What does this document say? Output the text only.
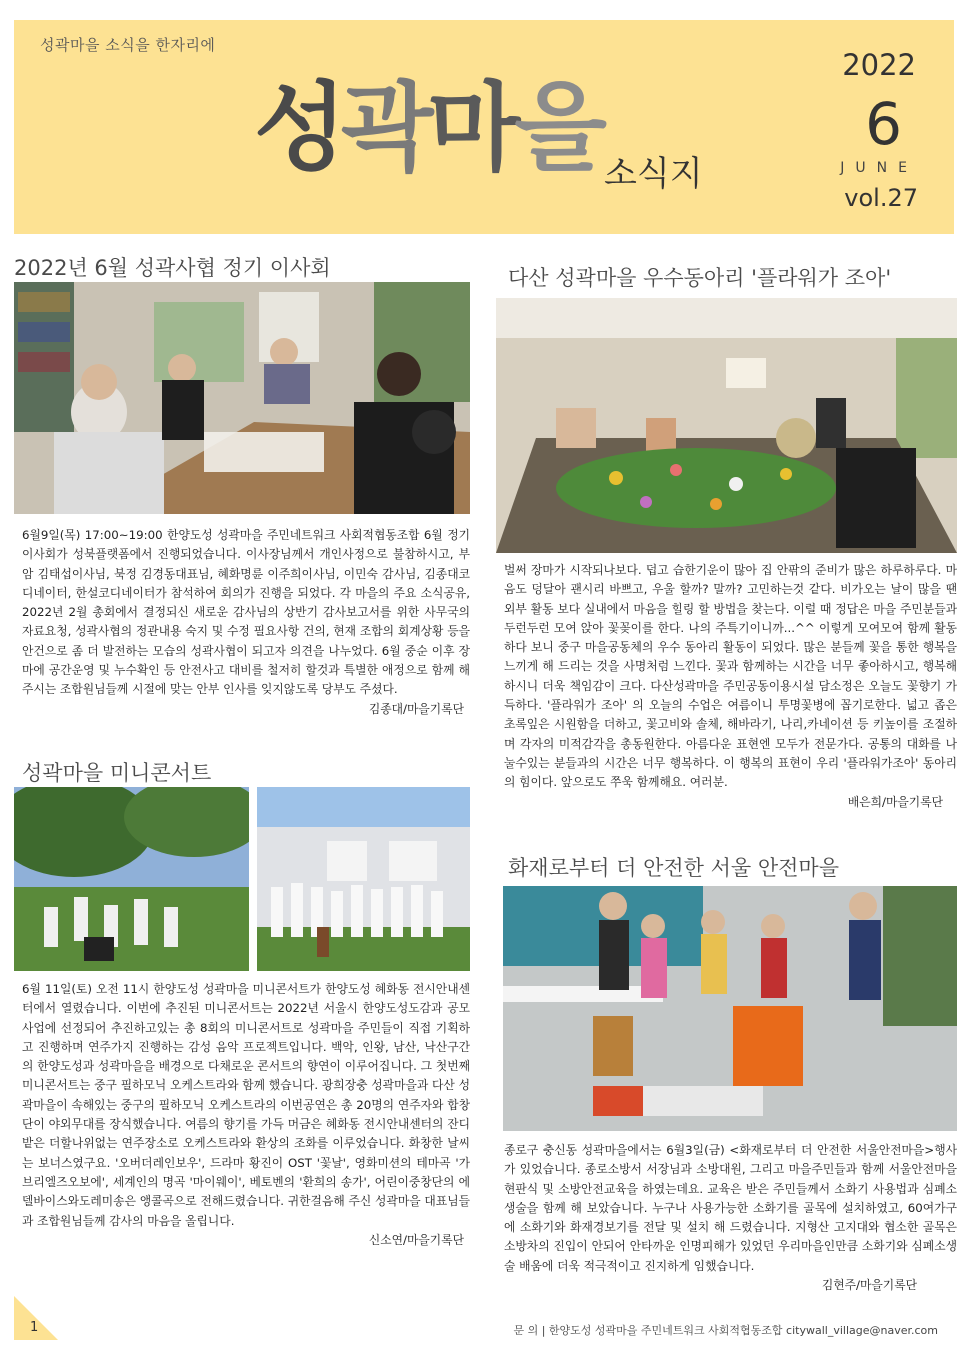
성곽마을 소식을 한자리에
성곽마을 소식지
2022
6
JUNE
vol.27
2022년 6월 성곽사협 정기 이사회

6월9일(목) 17:00~19:00 한양도성 성곽마을 주민네트워크 사회적협동조합 6월 정기 이사회가 성북플랫폼에서 진행되었습니다. 이사장님께서 개인사정으로 불참하시고, 부암 김태섭이사님, 북정 김경동대표님, 혜화명륜 이주희이사님, 이민숙 감사님, 김종대코디네이터, 한설코디네이터가 참석하여 회의가 진행을 되었다. 각 마을의 주요 소식공유, 2022년 2월 총회에서 결정되신 새로운 감사님의 상반기 감사보고서를 위한 사무국의 자료요청, 성곽사협의 정관내용 숙지 및 수정 필요사항 건의, 현재 조합의 회계상황 등을 안건으로 좀 더 발전하는 모습의 성곽사협이 되고자 의견을 나누었다. 6월 중순 이후 장마에 공간운영 및 누수확인 등 안전사고 대비를 철저히 할것과 특별한 애정으로 함께 해 주시는 조합원님들께 시절에 맞는 안부 인사를 잊지않도록 당부도 주셨다.

김종대/마을기록단
성곽마을 미니콘서트

6월 11일(토) 오전 11시 한양도성 성곽마을 미니콘서트가 한양도성 혜화동 전시안내센터에서 열렸습니다. 이번에 추진된 미니콘서트는 2022년 서울시 한양도성도감과 공모사업에 선정되어 추진하고있는 총 8회의 미니콘서트로 성곽마을 주민들이 직접 기획하고 진행하며 연주가지 진행하는 감성 음악 프로젝트입니다. 백악, 인왕, 남산, 낙산구간의 한양도성과 성곽마을을 배경으로 다채로운 콘서트의 향연이 이루어집니다. 그 첫번째 미니콘서트는 중구 필하모닉 오케스트라와 함께 했습니다. 광희장충 성곽마을과 다산 성곽마을이 속해있는 중구의 필하모닉 오케스트라의 이번공연은 총 20명의 연주자와 합창단이 야외무대를 장식했습니다. 여름의 향기를 가득 머금은 혜화동 전시안내센터의 잔디밭은 더할나위없는 연주장소로 오케스트라와 환상의 조화를 이루었습니다. 화창한 날씨는 보너스였구요. '오버더레인보우', 드라마 황진이 OST '꽃날', 영화미션의 테마곡 '가브리엘즈오보에', 세계인의 명곡 '마이웨이', 베토벤의 '환희의 송가', 어린이중창단의 에델바이스와도레미송은 앵콜곡으로 전해드렸습니다. 귀한걸음해 주신 성곽마을 대표님들과 조합원님들께 감사의 마음을 올립니다.

신소연/마을기록단
다산 성곽마을 우수동아리 '플라워가 조아'

벌써 장마가 시작되나보다. 덥고 습한기운이 많아 집 안팎의 준비가 많은 하루하루다. 마음도 덩달아 괜시리 바쁘고, 우울 할까? 말까? 고민하는것 같다. 비가오는 날이 많을 땐 외부 활동 보다 실내에서 마음을 힐링 할 방법을 찾는다. 이럴 때 정답은 마을 주민분들과 두런두런 모여 앉아 꽃꽂이를 한다. 나의 주특기이니까...^^ 이렇게 모여모여 함께 활동하다 보니 중구 마을공동체의 우수 동아리 활동이 되었다. 많은 분들께 꽃을 통한 행복을 느끼게 해 드리는 것을 사명처럼 느낀다. 꽃과 함께하는 시간을 너무 좋아하시고, 행복해 하시니 더욱 책임감이 크다. 다산성곽마을 주민공동이용시설 담소정은 오늘도 꽃향기 가득하다. '플라워가 조아' 의 오늘의 수업은 여름이니 투명꽃병에 꼽기로한다. 넓고 좁은 초록잎은 시원함을 더하고, 꽃고비와 솔체, 해바라기, 나리,카네이션 등 키높이를 조절하며 각자의 미적감각을 총동원한다. 아름다운 표현엔 모두가 전문가다. 공통의 대화를 나눌수있는 분들과의 시간은 너무 행복하다. 이 행복의 표현이 우리 '플라워가조아' 동아리의 힘이다. 앞으로도 쭈욱 함께해요. 여러분.

배은희/마을기록단
화재로부터 더 안전한 서울 안전마을

종로구 충신동 성곽마을에서는 6월3일(금) <화재로부터 더 안전한 서울안전마을>행사가 있었습니다. 종로소방서 서장님과 소방대원, 그리고 마을주민들과 함께 서울안전마을 현판식 및 소방안전교육을 하였는데요. 교육은 받은 주민들께서 소화기 사용법과 심폐소생술을 함께 해 보았습니다. 누구나 사용가능한 소화기를 골목에 설치하였고, 60여가구에 소화기와 화재경보기를 전달 및 설치 해 드렸습니다. 지형산 고지대와 협소한 골목은 소방차의 진입이 안되어 안타까운 인명피해가 있었던 우리마을인만큼 소화기와 심폐소생술 배움에 더욱 적극적이고 진지하게 임했습니다.

김현주/마을기록단
1	문 의 | 한양도성 성곽마을 주민네트워크 사회적협동조합 citywall_village@naver.com
